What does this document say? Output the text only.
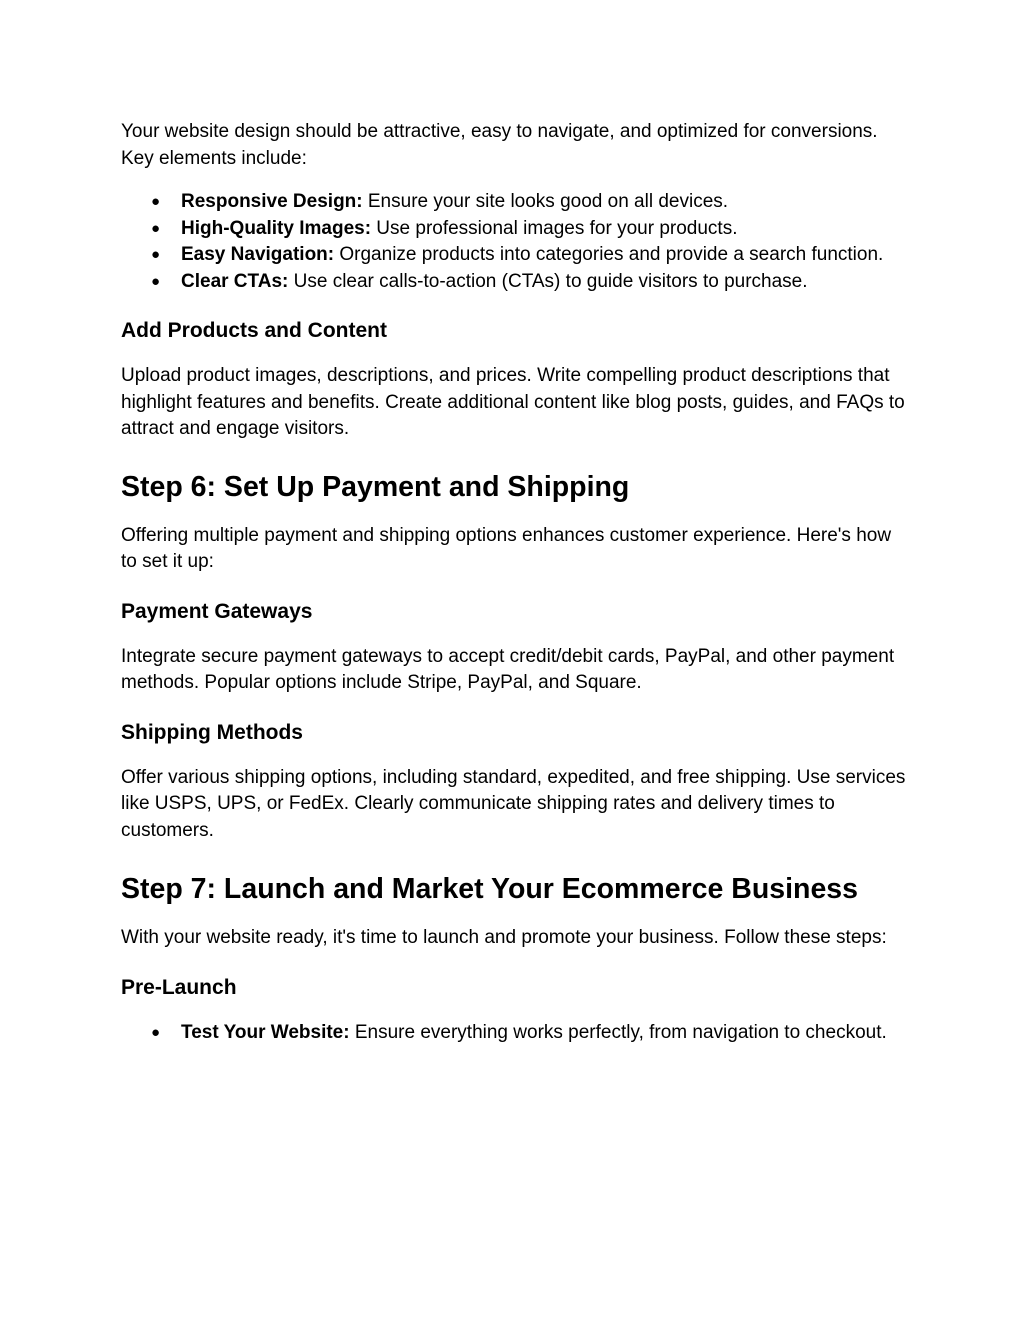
Your website design should be attractive, easy to navigate, and optimized for conversions. Key elements include:

● Responsive Design: Ensure your site looks good on all devices.
● High-Quality Images: Use professional images for your products.
● Easy Navigation: Organize products into categories and provide a search function.
● Clear CTAs: Use clear calls-to-action (CTAs) to guide visitors to purchase.
Add Products and Content

Upload product images, descriptions, and prices. Write compelling product descriptions that highlight features and benefits. Create additional content like blog posts, guides, and FAQs to attract and engage visitors.

Step 6: Set Up Payment and Shipping

Offering multiple payment and shipping options enhances customer experience. Here's how to set it up:

Payment Gateways

Integrate secure payment gateways to accept credit/debit cards, PayPal, and other payment methods. Popular options include Stripe, PayPal, and Square.

Shipping Methods

Offer various shipping options, including standard, expedited, and free shipping. Use services like USPS, UPS, or FedEx. Clearly communicate shipping rates and delivery times to customers.

Step 7: Launch and Market Your Ecommerce Business

With your website ready, it's time to launch and promote your business. Follow these steps:

Pre-Launch
● Test Your Website: Ensure everything works perfectly, from navigation to checkout.
